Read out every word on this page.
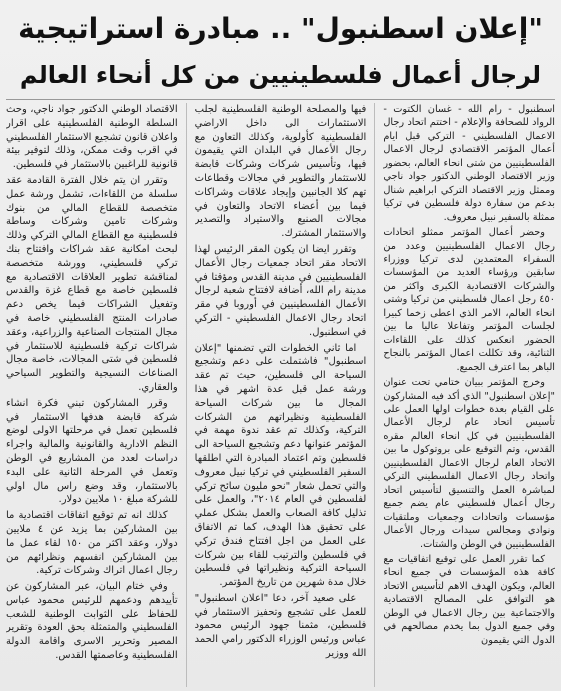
"إعلان اسطنبول" .. مبادرة استراتيجية
لرجال أعمال فلسطينيين من كل أنحاء العالم

اسطنبول - رام الله - غسان الكتوت - الرواد للصحافة والإعلام - اختتم اتحاد رجال الاعمال الفلسطيني - التركي قبل ايام أعمال المؤتمر الاقتصادي لرجال الاعمال الفلسطينيين من شتى انحاء العالم، بحضور وزير الاقتصاد الوطني الدكتور جواد ناجي وممثل وزير الاقتصاد التركي ابراهيم شنال بدعم من سفارة دولة فلسطين في تركيا ممثلة بالسفير نبيل معروف.

وحضر أعمال المؤتمر ممثلو اتحادات رجال الاعمال الفلسطينيين وعدد من السفراء المعتمدين لدى تركيا ووزراء سابقين ورؤساء العديد من المؤسسات والشركات الاقتصادية الكبرى واكثر من ٤٥٠ رجل اعمال فلسطيني من تركيا وشتى انحاء العالم، الامر الذي اعطى زخما كبيرا لجلسات المؤتمر وتفاعلا عاليا ما بين الحضور انعكس كذلك على اللقاءات الثنائية، وقد تكللت اعمال المؤتمر بالنجاح الباهر بما اعترف الجميع.

وخرج المؤتمر ببيان ختامي تحت عنوان "إعلان اسطنبول" الذي أكد فيه المشاركون على القيام بعدة خطوات اولها العمل على تأسيس اتحاد عام لرجال الأعمال الفلسطينيين في كل انحاء العالم مقره القدس، وتم التوقيع على بروتوكول ما بين الاتحاد العام لرجال الاعمال الفلسطينيين واتحاد رجال الاعمال الفلسطيني التركي لمباشرة العمل والتنسيق لتأسيس اتحاد رجال أعمال فلسطيني عام يضم جميع مؤسسات واتحادات وجمعيات وملتقيات ونوادي ومجالس سيدات ورجال الأعمال الفلسطينيين في الوطن والشتات.

كما تقرر العمل على توقيع اتفاقيات مع كافة هذه المؤسسات في جميع انحاء العالم، ويكون الهدف الاهم لتأسيس الاتحاد هو التوافق على المصالح الاقتصادية والاجتماعية بين رجال الاعمال في الوطن وفي جميع الدول بما يخدم مصالحهم في الدول التي يقيمون

فيها والمصلحة الوطنية الفلسطينية لجلب الاستثمارات الى داخل الاراضي الفلسطينية كأولوية، وكذلك التعاون مع رجال الأعمال في البلدان التي يقيمون فيها، وتأسيس شركات وشركات قابضة للاستثمار والتطوير في مجالات وقطاعات تهم كلا الجانبين وإيجاد علاقات وشراكات فيما بين أعضاء الاتحاد والتعاون في مجالات الصنيع والاستيراد والتصدير والاستثمار المشترك.

وتقرر ايضا ان يكون المقر الرئيس لهذا الاتحاد مقر اتحاد جمعيات رجال الأعمال الفلسطينيين في مدينة القدس ومؤقتا في مدينة رام الله، أضافة لافتتاح شعبة لرجال الأعمال الفلسطينيين في أوروبا في مقر اتحاد رجال الاعمال الفلسطيني - التركي في اسطنبول.

اما ثاني الخطوات التي تضمنها "إعلان اسطنبول" فاشتملت على دعم وتشجيع السياحة الى فلسطين، حيث تم عقد ورشة عمل قبل عدة اشهر في هذا المجال ما بين شركات السياحة الفلسطينية ونظيراتهم من الشركات التركية، وكذلك تم عقد ندوة مهمة في المؤتمر عنوانها دعم وتشجيع السياحة الى فلسطين وتم اعتماد المبادرة التي اطلقها السفير الفلسطيني في تركيا نبيل معروف والتي تحمل شعار "نحو مليون سائح تركي لفلسطين في العام ٢٠١٤"، والعمل على تذليل كافة الصعاب والعمل بشكل عملي على تحقيق هذا الهدف، كما تم الاتفاق على العمل من اجل افتتاح فندق تركي في فلسطين والترتيب للقاء بين شركات السياحة التركية ونظيراتها في فلسطين خلال مدة شهرين من تاريخ المؤتمر.

على صعيد آخر، دعا "اعلان اسطنبول" للعمل على تشجيع وتحفيز الاستثمار في فلسطين، مثمنا جهود الرئيس محمود عباس ورئيس الوزراء الدكتور رامي الحمد الله ووزير

الاقتصاد الوطني الدكتور جواد ناجي، وحث السلطة الوطنية الفلسطينية على اقرار واعلان قانون تشجيع الاستثمار الفلسطيني في اقرب وقت ممكن، وذلك لتوفير بيئة قانونية للراغبين بالاستثمار في فلسطين.

وتقرر ان يتم خلال الفترة القادمة عقد سلسلة من اللقاءات، تشمل ورشة عمل متخصصة للقطاع المالي من بنوك وشركات تامين وشركات وساطة فلسطينية مع القطاع المالي التركي وذلك لبحث امكانية عقد شراكات وافتتاح بنك تركي فلسطيني، وورشة متخصصة لمناقشة تطوير العلاقات الاقتصادية مع فلسطين خاصة مع قطاع غزة والقدس وتفعيل الشراكات فيما يخص دعم صادرات المنتج الفلسطيني خاصة في مجال المنتجات الصناعية والزراعية، وعقد شراكات تركية فلسطينية للاستثمار في فلسطين في شتى المجالات، خاصة مجال الصناعات النسيجية والتطوير السياحي والعقاري.

وقرر المشاركون تبني فكرة انشاء شركة قابضة هدفها الاستثمار في فلسطين تعمل في مرحلتها الاولى لوضع النظم الادارية والقانونية والمالية واجراء دراسات لعدد من المشاريع في الوطن وتعمل في المرحلة الثانية على البدء بالاستثمار، وقد وضع راس مال اولي للشركة مبلغ ١٠ ملايين دولار.

كذلك انه تم توقيع اتفاقات اقتصادية ما بين المشاركين بما يزيد عن ٤ ملايين دولار، وعقد اكثر من ١٥٠ لقاء عمل ما بين المشاركين انفسهم ونظرائهم من رجال اعمال اتراك وشركات تركية.

وفي ختام البيان، عبر المشاركون عن تأييدهم ودعمهم للرئيس محمود عباس للحفاظ على الثوابت الوطنية للشعب الفلسطيني والمتمثلة بحق العودة وتقرير المصير وتحرير الاسرى واقامة الدولة الفلسطينية وعاصمتها القدس.
